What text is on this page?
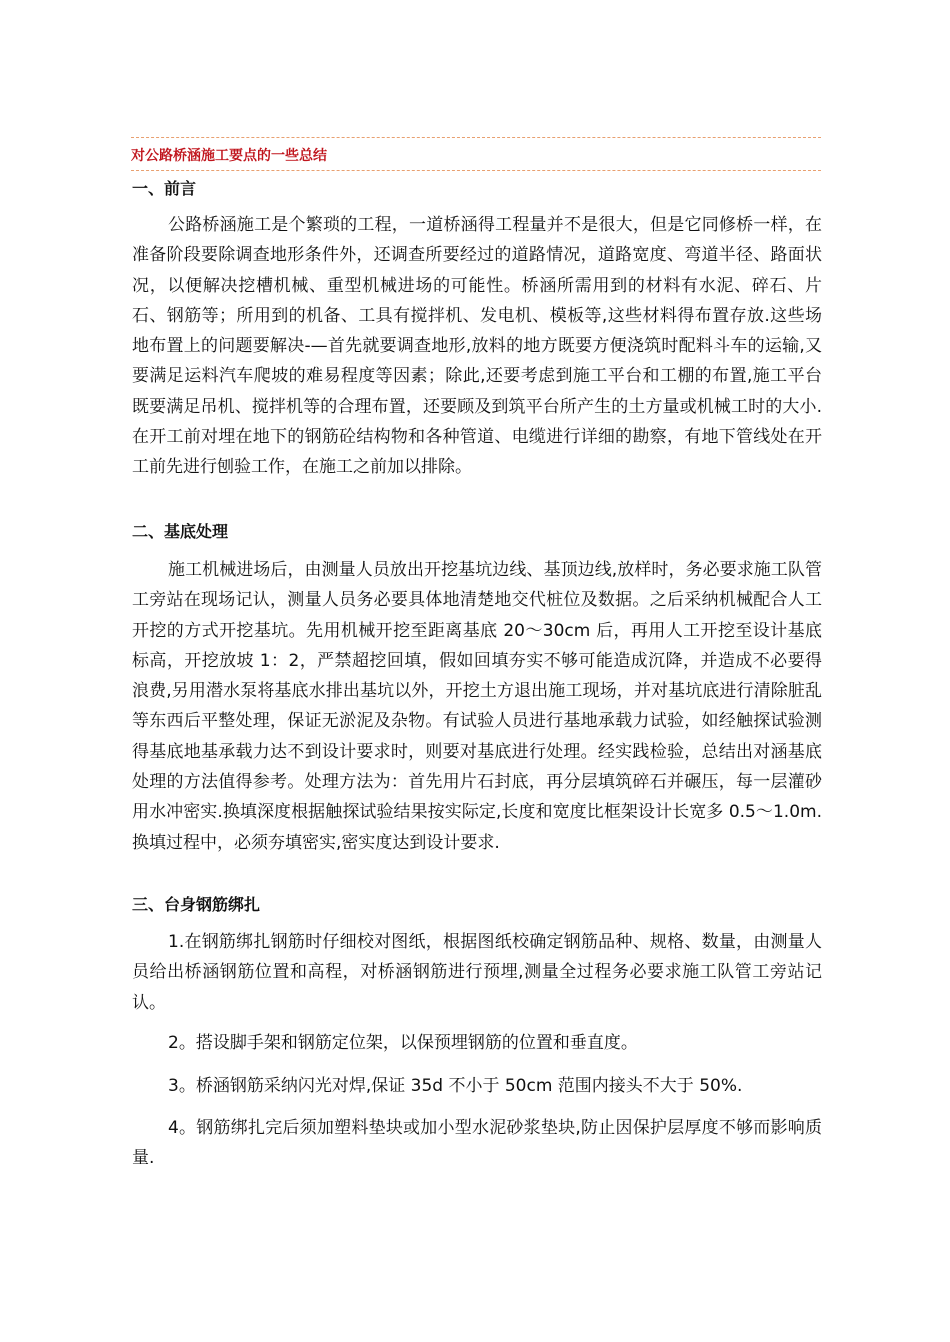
对公路桥涵施工要点的一些总结
一、前言

公路桥涵施工是个繁琐的工程，一道桥涵得工程量并不是很大，但是它同修桥一样，在准备阶段要除调查地形条件外，还调查所要经过的道路情况，道路宽度、弯道半径、路面状况，以便解决挖槽机械、重型机械进场的可能性。桥涵所需用到的材料有水泥、碎石、片石、钢筋等；所用到的机备、工具有搅拌机、发电机、模板等,这些材料得布置存放.这些场地布置上的问题要解决-—首先就要调查地形,放料的地方既要方便浇筑时配料斗车的运输,又要满足运料汽车爬坡的难易程度等因素；除此,还要考虑到施工平台和工棚的布置,施工平台既要满足吊机、搅拌机等的合理布置，还要顾及到筑平台所产生的土方量或机械工时的大小.在开工前对埋在地下的钢筋砼结构物和各种管道、电缆进行详细的勘察，有地下管线处在开工前先进行刨验工作，在施工之前加以排除。

二、基底处理

施工机械进场后，由测量人员放出开挖基坑边线、基顶边线,放样时，务必要求施工队管工旁站在现场记认，测量人员务必要具体地清楚地交代桩位及数据。之后采纳机械配合人工开挖的方式开挖基坑。先用机械开挖至距离基底 20～30cm 后，再用人工开挖至设计基底标高，开挖放坡 1：2，严禁超挖回填，假如回填夯实不够可能造成沉降，并造成不必要得浪费,另用潜水泵将基底水排出基坑以外，开挖土方退出施工现场，并对基坑底进行清除脏乱等东西后平整处理，保证无淤泥及杂物。有试验人员进行基地承载力试验，如经触探试验测得基底地基承载力达不到设计要求时，则要对基底进行处理。经实践检验，总结出对涵基底处理的方法值得参考。处理方法为：首先用片石封底，再分层填筑碎石并碾压，每一层灌砂用水冲密实.换填深度根据触探试验结果按实际定,长度和宽度比框架设计长宽多 0.5～1.0m.换填过程中，必须夯填密实,密实度达到设计要求.

三、台身钢筋绑扎

1.在钢筋绑扎钢筋时仔细校对图纸，根据图纸校确定钢筋品种、规格、数量，由测量人员给出桥涵钢筋位置和高程，对桥涵钢筋进行预埋,测量全过程务必要求施工队管工旁站记认。

2。搭设脚手架和钢筋定位架，以保预埋钢筋的位置和垂直度。

3。桥涵钢筋采纳闪光对焊,保证 35d 不小于 50cm 范围内接头不大于 50%.

4。钢筋绑扎完后须加塑料垫块或加小型水泥砂浆垫块,防止因保护层厚度不够而影响质量.
